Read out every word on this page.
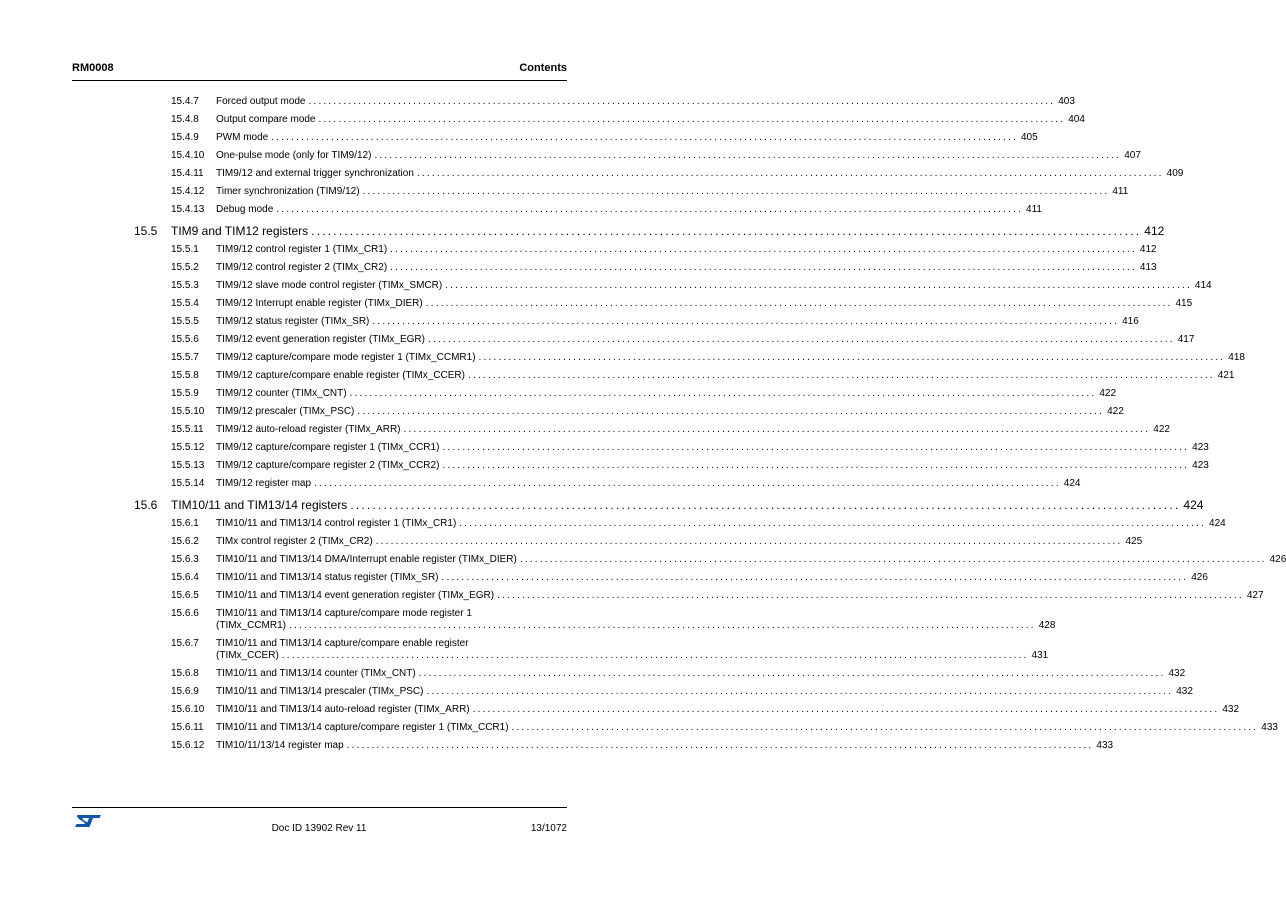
RM0008	Contents
15.4.7	Forced output mode .....	403
15.4.8	Output compare mode .....	404
15.4.9	PWM mode .....	405
15.4.10	One-pulse mode (only for TIM9/12) .....	407
15.4.11	TIM9/12 and external trigger synchronization .....	409
15.4.12	Timer synchronization (TIM9/12) .....	411
15.4.13	Debug mode .....	411
15.5	TIM9 and TIM12 registers .....	412
15.5.1	TIM9/12 control register 1 (TIMx_CR1) .....	412
15.5.2	TIM9/12 control register 2 (TIMx_CR2) .....	413
15.5.3	TIM9/12 slave mode control register (TIMx_SMCR) .....	414
15.5.4	TIM9/12 Interrupt enable register (TIMx_DIER) .....	415
15.5.5	TIM9/12 status register (TIMx_SR) .....	416
15.5.6	TIM9/12 event generation register (TIMx_EGR) .....	417
15.5.7	TIM9/12 capture/compare mode register 1 (TIMx_CCMR1) .....	418
15.5.8	TIM9/12 capture/compare enable register (TIMx_CCER) .....	421
15.5.9	TIM9/12 counter (TIMx_CNT) .....	422
15.5.10	TIM9/12 prescaler (TIMx_PSC) .....	422
15.5.11	TIM9/12 auto-reload register (TIMx_ARR) .....	422
15.5.12	TIM9/12 capture/compare register 1 (TIMx_CCR1) .....	423
15.5.13	TIM9/12 capture/compare register 2 (TIMx_CCR2) .....	423
15.5.14	TIM9/12 register map .....	424
15.6	TIM10/11 and TIM13/14 registers .....	424
15.6.1	TIM10/11 and TIM13/14 control register 1 (TIMx_CR1) .....	424
15.6.2	TIMx control register 2 (TIMx_CR2) .....	425
15.6.3	TIM10/11 and TIM13/14 DMA/Interrupt enable register (TIMx_DIER) .....	426
15.6.4	TIM10/11 and TIM13/14 status register (TIMx_SR) .....	426
15.6.5	TIM10/11 and TIM13/14 event generation register (TIMx_EGR) .....	427
15.6.6	TIM10/11 and TIM13/14 capture/compare mode register 1
(TIMx_CCMR1) .....	428
15.6.7	TIM10/11 and TIM13/14 capture/compare enable register
(TIMx_CCER) .....	431
15.6.8	TIM10/11 and TIM13/14 counter (TIMx_CNT) .....	432
15.6.9	TIM10/11 and TIM13/14 prescaler (TIMx_PSC) .....	432
15.6.10	TIM10/11 and TIM13/14 auto-reload register (TIMx_ARR) .....	432
15.6.11	TIM10/11 and TIM13/14 capture/compare register 1 (TIMx_CCR1) .....	433
15.6.12	TIM10/11/13/14 register map .....	433
Doc ID 13902 Rev 11	13/1072
